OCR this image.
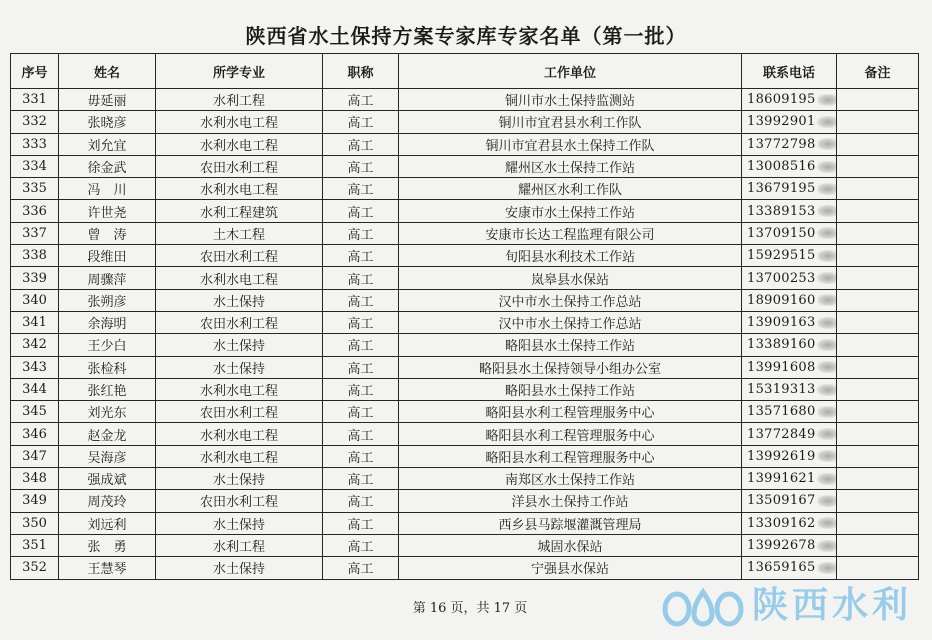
陕西省水土保持方案专家库专家名单（第一批）
序号	姓名	所学专业	职称	工作单位	联系电话	备注
331	毋延丽	水利工程	高工	铜川市水土保持监测站	18609195	
332	张晓彦	水利水电工程	高工	铜川市宜君县水利工作队	13992901	
333	刘允宜	水利水电工程	高工	铜川市宜君县水土保持工作队	13772798	
334	徐金武	农田水利工程	高工	耀州区水土保持工作站	13008516	
335	冯　川	水利水电工程	高工	耀州区水利工作队	13679195	
336	许世尧	水利工程建筑	高工	安康市水土保持工作站	13389153	
337	曾　涛	土木工程	高工	安康市长达工程监理有限公司	13709150	
338	段维田	农田水利工程	高工	旬阳县水利技术工作站	15929515	
339	周骤萍	水利水电工程	高工	岚皋县水保站	13700253	
340	张朔彦	水土保持	高工	汉中市水土保持工作总站	18909160	
341	余海明	农田水利工程	高工	汉中市水土保持工作总站	13909163	
342	王少白	水土保持	高工	略阳县水土保持工作站	13389160	
343	张检科	水土保持	高工	略阳县水土保持领导小组办公室	13991608	
344	张红艳	水利水电工程	高工	略阳县水土保持工作站	15319313	
345	刘光东	农田水利工程	高工	略阳县水利工程管理服务中心	13571680	
346	赵金龙	水利水电工程	高工	略阳县水利工程管理服务中心	13772849	
347	吴海彦	水利水电工程	高工	略阳县水利工程管理服务中心	13992619	
348	强成斌	水土保持	高工	南郑区水土保持工作站	13991621	
349	周茂玲	农田水利工程	高工	洋县水土保持工作站	13509167	
350	刘远利	水土保持	高工	西乡县马踪堰灌溉管理局	13309162	
351	张　勇	水利工程	高工	城固水保站	13992678	
352	王慧琴	水土保持	高工	宁强县水保站	13659165	
第 16 页，共 17 页	陕西水利
